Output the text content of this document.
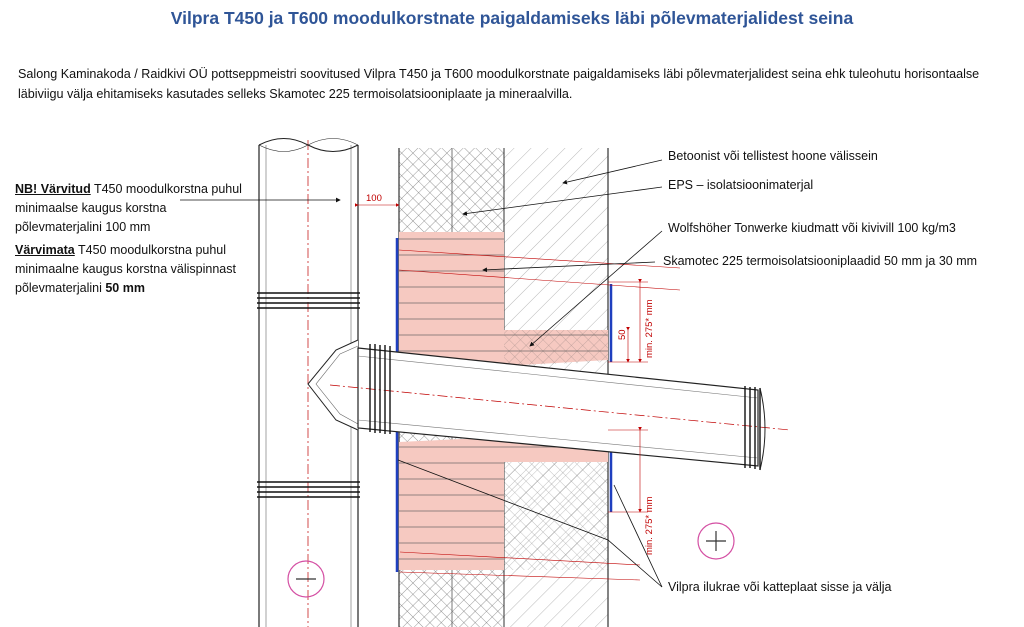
Vilpra T450 ja T600 moodulkorstnate paigaldamiseks läbi põlevmaterjalidest seina

Salong Kaminakoda / Raidkivi OÜ pottseppmeistri soovitused Vilpra T450 ja T600 moodulkorstnate paigaldamiseks läbi põlevmaterjalidest seina ehk tuleohutu horisontaalse läbiviigu välja ehitamiseks kasutades selleks Skamotec 225 termoisolatsiooniplaate ja mineraalvilla.

NB! Värvitud T450 moodulkorstna puhul minimaalse kaugus korstna põlevmaterjalini 100 mm

Värvimata T450 moodulkorstna puhul minimaalne kaugus korstna välispinnast põlevmaterjalini 50 mm

100
50 min. 275* mm
min. 275* mm
Betoonist või tellistest hoone välissein
EPS – isolatsioonimaterjal
Wolfshöher Tonwerke kiudmatt või kivivill 100 kg/m3
Skamotec 225 termoisolatsiooniplaadid 50 mm ja 30 mm
Vilpra ilukrae või katteplaat sisse ja välja
